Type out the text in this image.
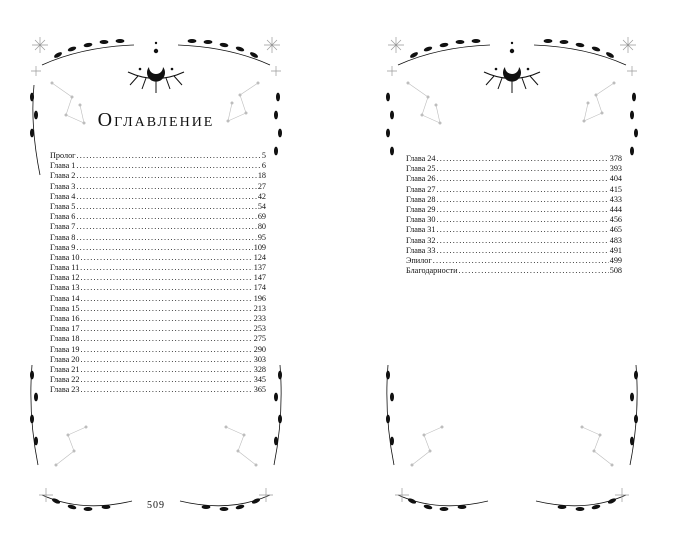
Оглавление
Пролог .....	5
Глава 1 .....	6
Глава 2 .....	18
Глава 3 .....	27
Глава 4 .....	42
Глава 5 .....	54
Глава 6 .....	69
Глава 7 .....	80
Глава 8 .....	95
Глава 9 .....	109
Глава 10 .....	124
Глава 11 .....	137
Глава 12 .....	147
Глава 13 .....	174
Глава 14 .....	196
Глава 15 .....	213
Глава 16 .....	233
Глава 17 .....	253
Глава 18 .....	275
Глава 19 .....	290
Глава 20 .....	303
Глава 21 .....	328
Глава 22 .....	345
Глава 23 .....	365
509
Глава 24 .....	378
Глава 25 .....	393
Глава 26 .....	404
Глава 27 .....	415
Глава 28 .....	433
Глава 29 .....	444
Глава 30 .....	456
Глава 31 .....	465
Глава 32 .....	483
Глава 33 .....	491
Эпилог .....	499
Благодарности .....	508
